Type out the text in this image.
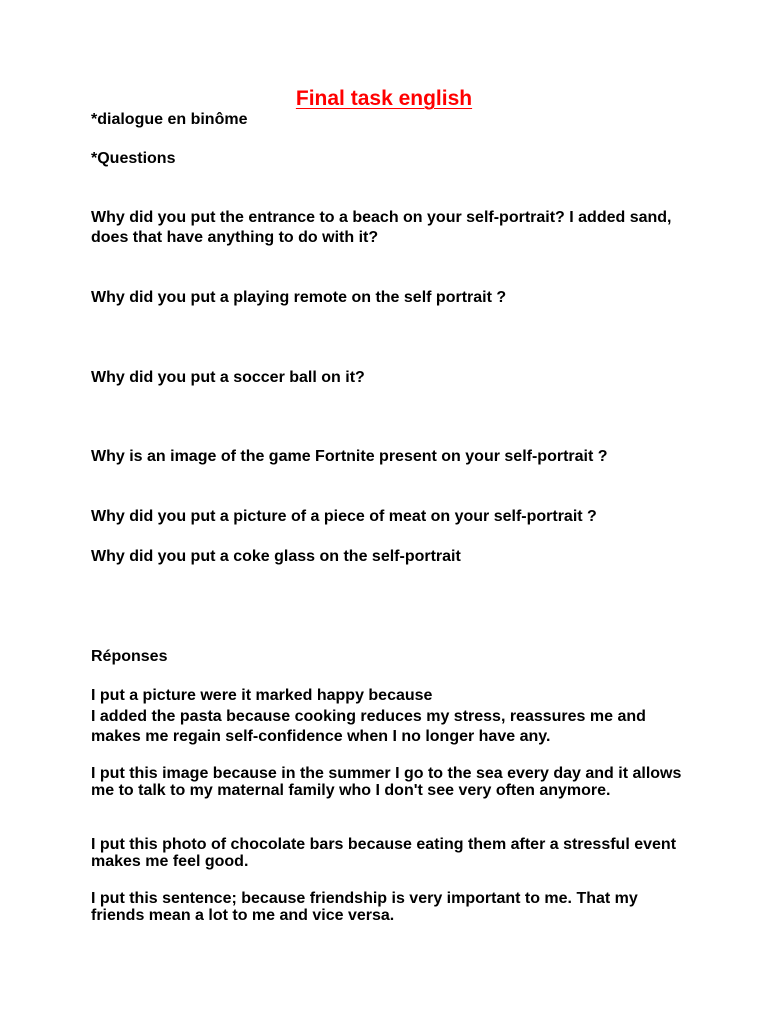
Final task english

*dialogue en binôme

*Questions

Why did you put the entrance to a beach on your self-portrait? I added sand, does that have anything to do with it?

Why did you put a playing remote on the self portrait ?

Why did you put a soccer ball on it?

Why is an image of the game Fortnite present on your self-portrait ?

Why did you put a picture of a piece of meat on your self-portrait ?

Why did you put a coke glass on the self-portrait

Réponses

I put a picture were it marked happy because

I added the pasta because cooking reduces my stress, reassures me and makes me regain self-confidence when I no longer have any.

I put this image because in the summer I go to the sea every day and it allows me to talk to my maternal family who I don't see very often anymore.

I put this photo of chocolate bars because eating them after a stressful event makes me feel good.

I put this sentence; because friendship is very important to me. That my friends mean a lot to me and vice versa.
